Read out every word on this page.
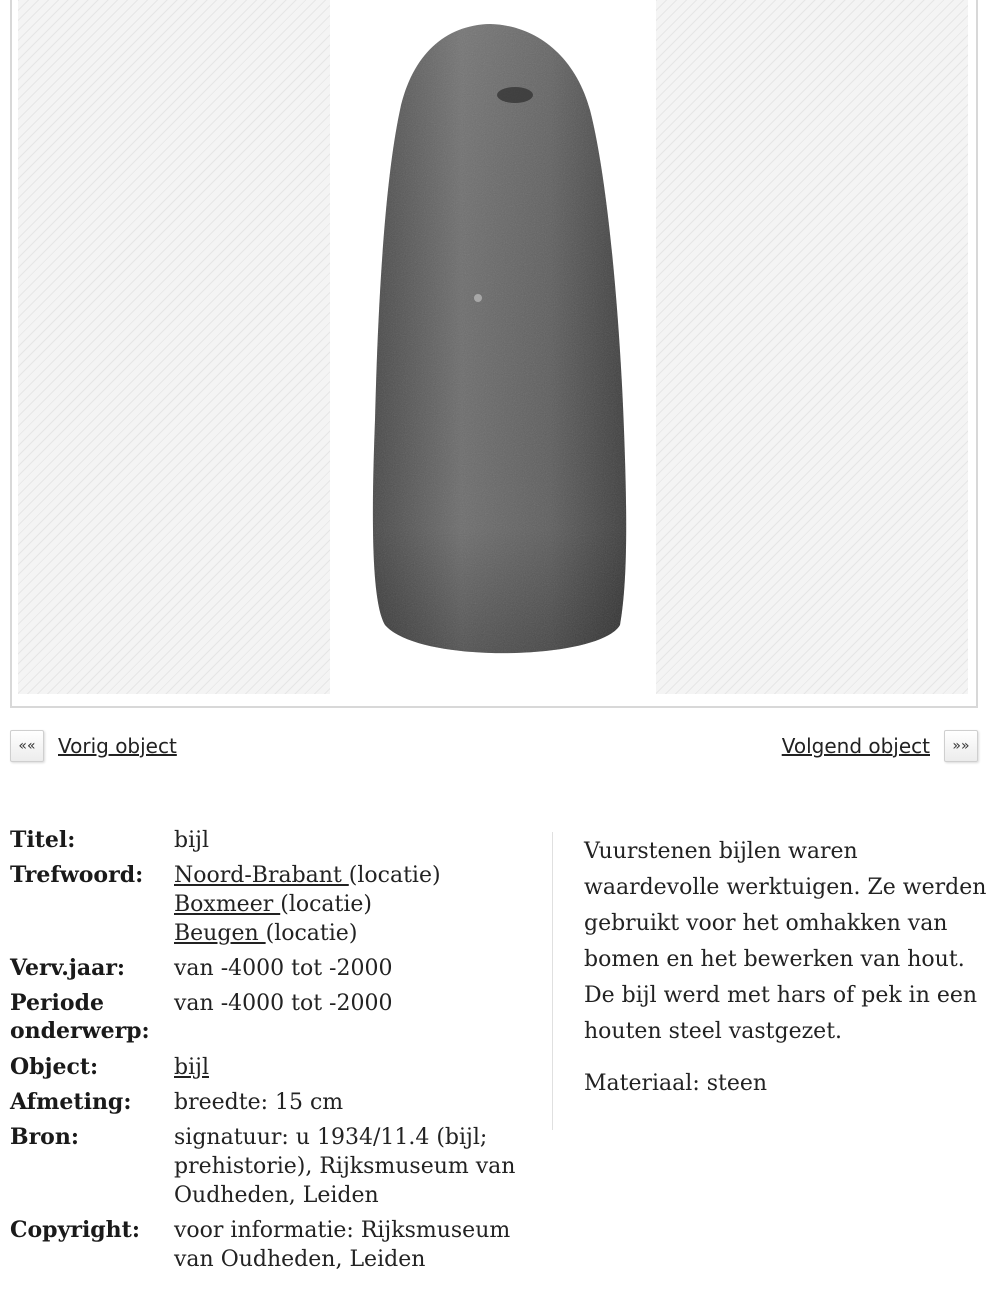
««	Vorig object	Volgend object	»»
Titel:	bijl
Trefwoord:	Noord-Brabant (locatie)
Boxmeer (locatie)
Beugen (locatie)
Verv.jaar:	van -4000 tot -2000
Periode onderwerp:
van -4000 tot -2000
Object:	bijl
Afmeting:	breedte: 15 cm
Bron:	signatuur: u 1934/11.4 (bijl; prehistorie), Rijksmuseum van Oudheden, Leiden
Copyright:	voor informatie: Rijksmuseum van Oudheden, Leiden

Vuurstenen bijlen waren waardevolle werktuigen. Ze werden gebruikt voor het omhakken van bomen en het bewerken van hout. De bijl werd met hars of pek in een houten steel vastgezet.

Materiaal: steen
